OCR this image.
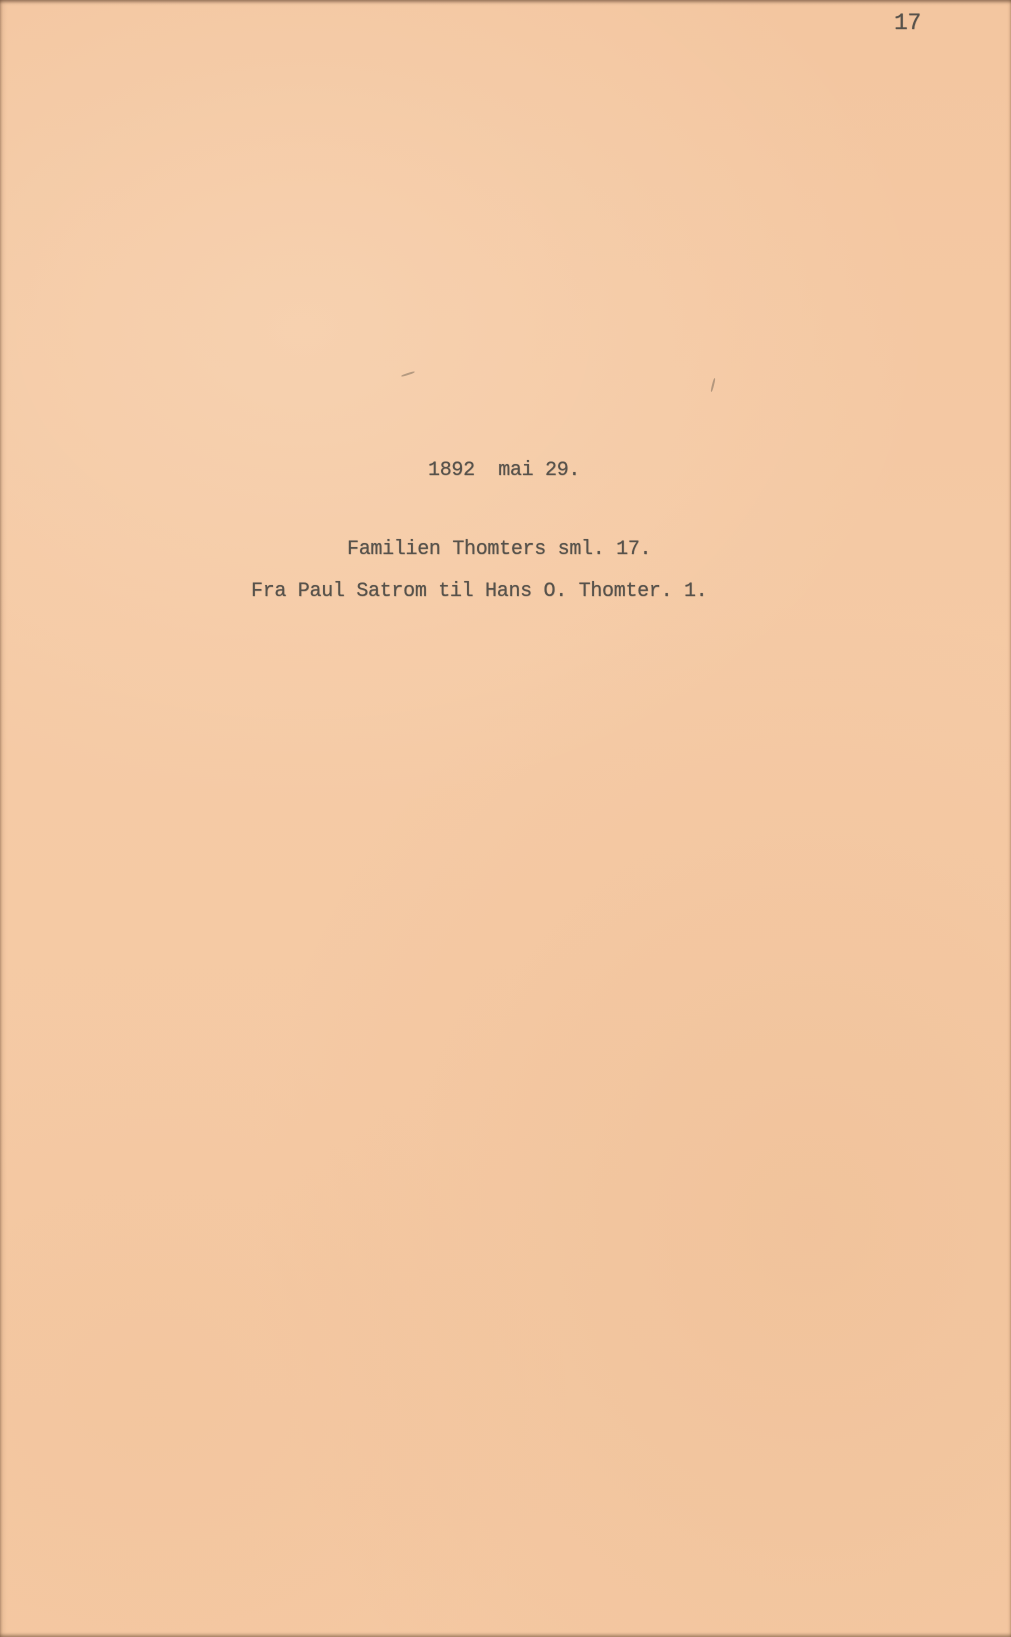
17
1892  mai 29.
Familien Thomters sml. 17.
Fra Paul Satrom til Hans O. Thomter. 1.
